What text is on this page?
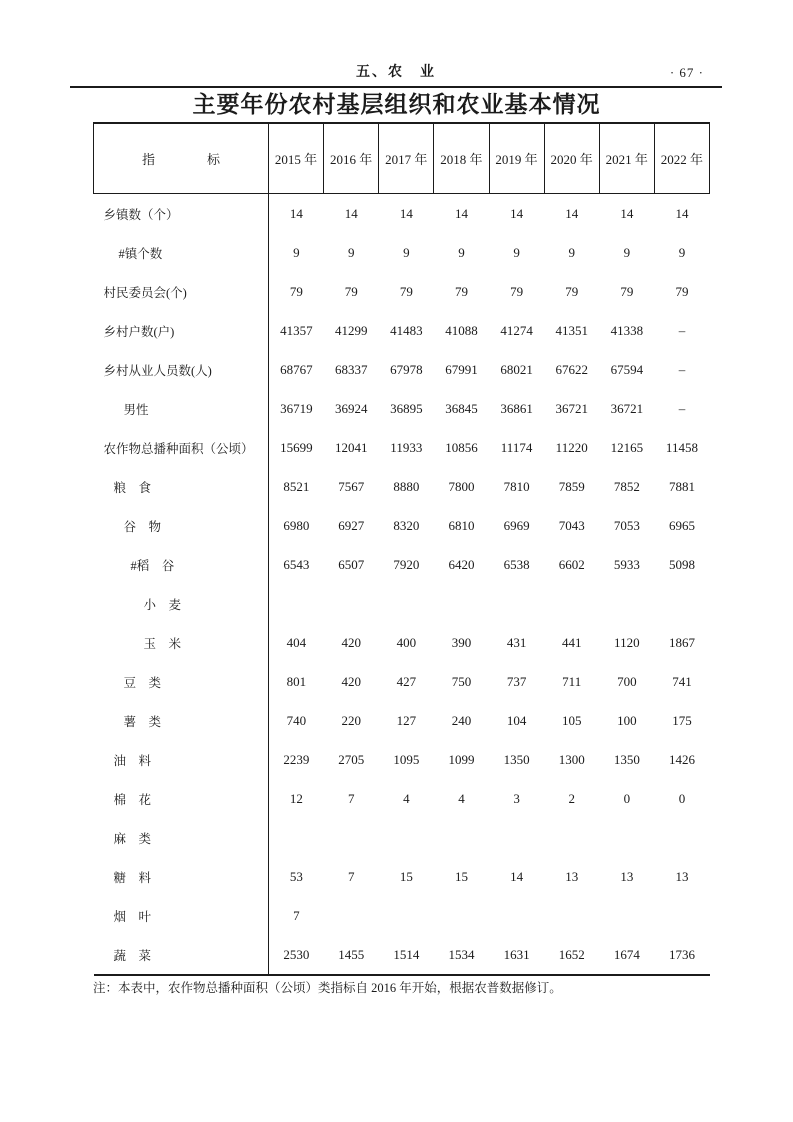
五、农　业	· 67 ·
主要年份农村基层组织和农业基本情况
指　　　　标	2015 年	2016 年	2017 年	2018 年	2019 年	2020 年	2021 年	2022 年
乡镇数（个）	14	14	14	14	14	14	14	14
#镇个数	9	9	9	9	9	9	9	9
村民委员会(个)	79	79	79	79	79	79	79	79
乡村户数(户)	41357	41299	41483	41088	41274	41351	41338	–
乡村从业人员数(人)	68767	68337	67978	67991	68021	67622	67594	–
男性	36719	36924	36895	36845	36861	36721	36721	–
农作物总播种面积（公顷）	15699	12041	11933	10856	11174	11220	12165	11458
粮　食	8521	7567	8880	7800	7810	7859	7852	7881
谷　物	6980	6927	8320	6810	6969	7043	7053	6965
#稻　谷	6543	6507	7920	6420	6538	6602	5933	5098
小　麦								
玉　米	404	420	400	390	431	441	1120	1867
豆　类	801	420	427	750	737	711	700	741
薯　类	740	220	127	240	104	105	100	175
油　料	2239	2705	1095	1099	1350	1300	1350	1426
棉　花	12	7	4	4	3	2	0	0
麻　类								
糖　料	53	7	15	15	14	13	13	13
烟　叶	7							
蔬　菜	2530	1455	1514	1534	1631	1652	1674	1736

注：本表中，农作物总播种面积（公顷）类指标自 2016 年开始，根据农普数据修订。
